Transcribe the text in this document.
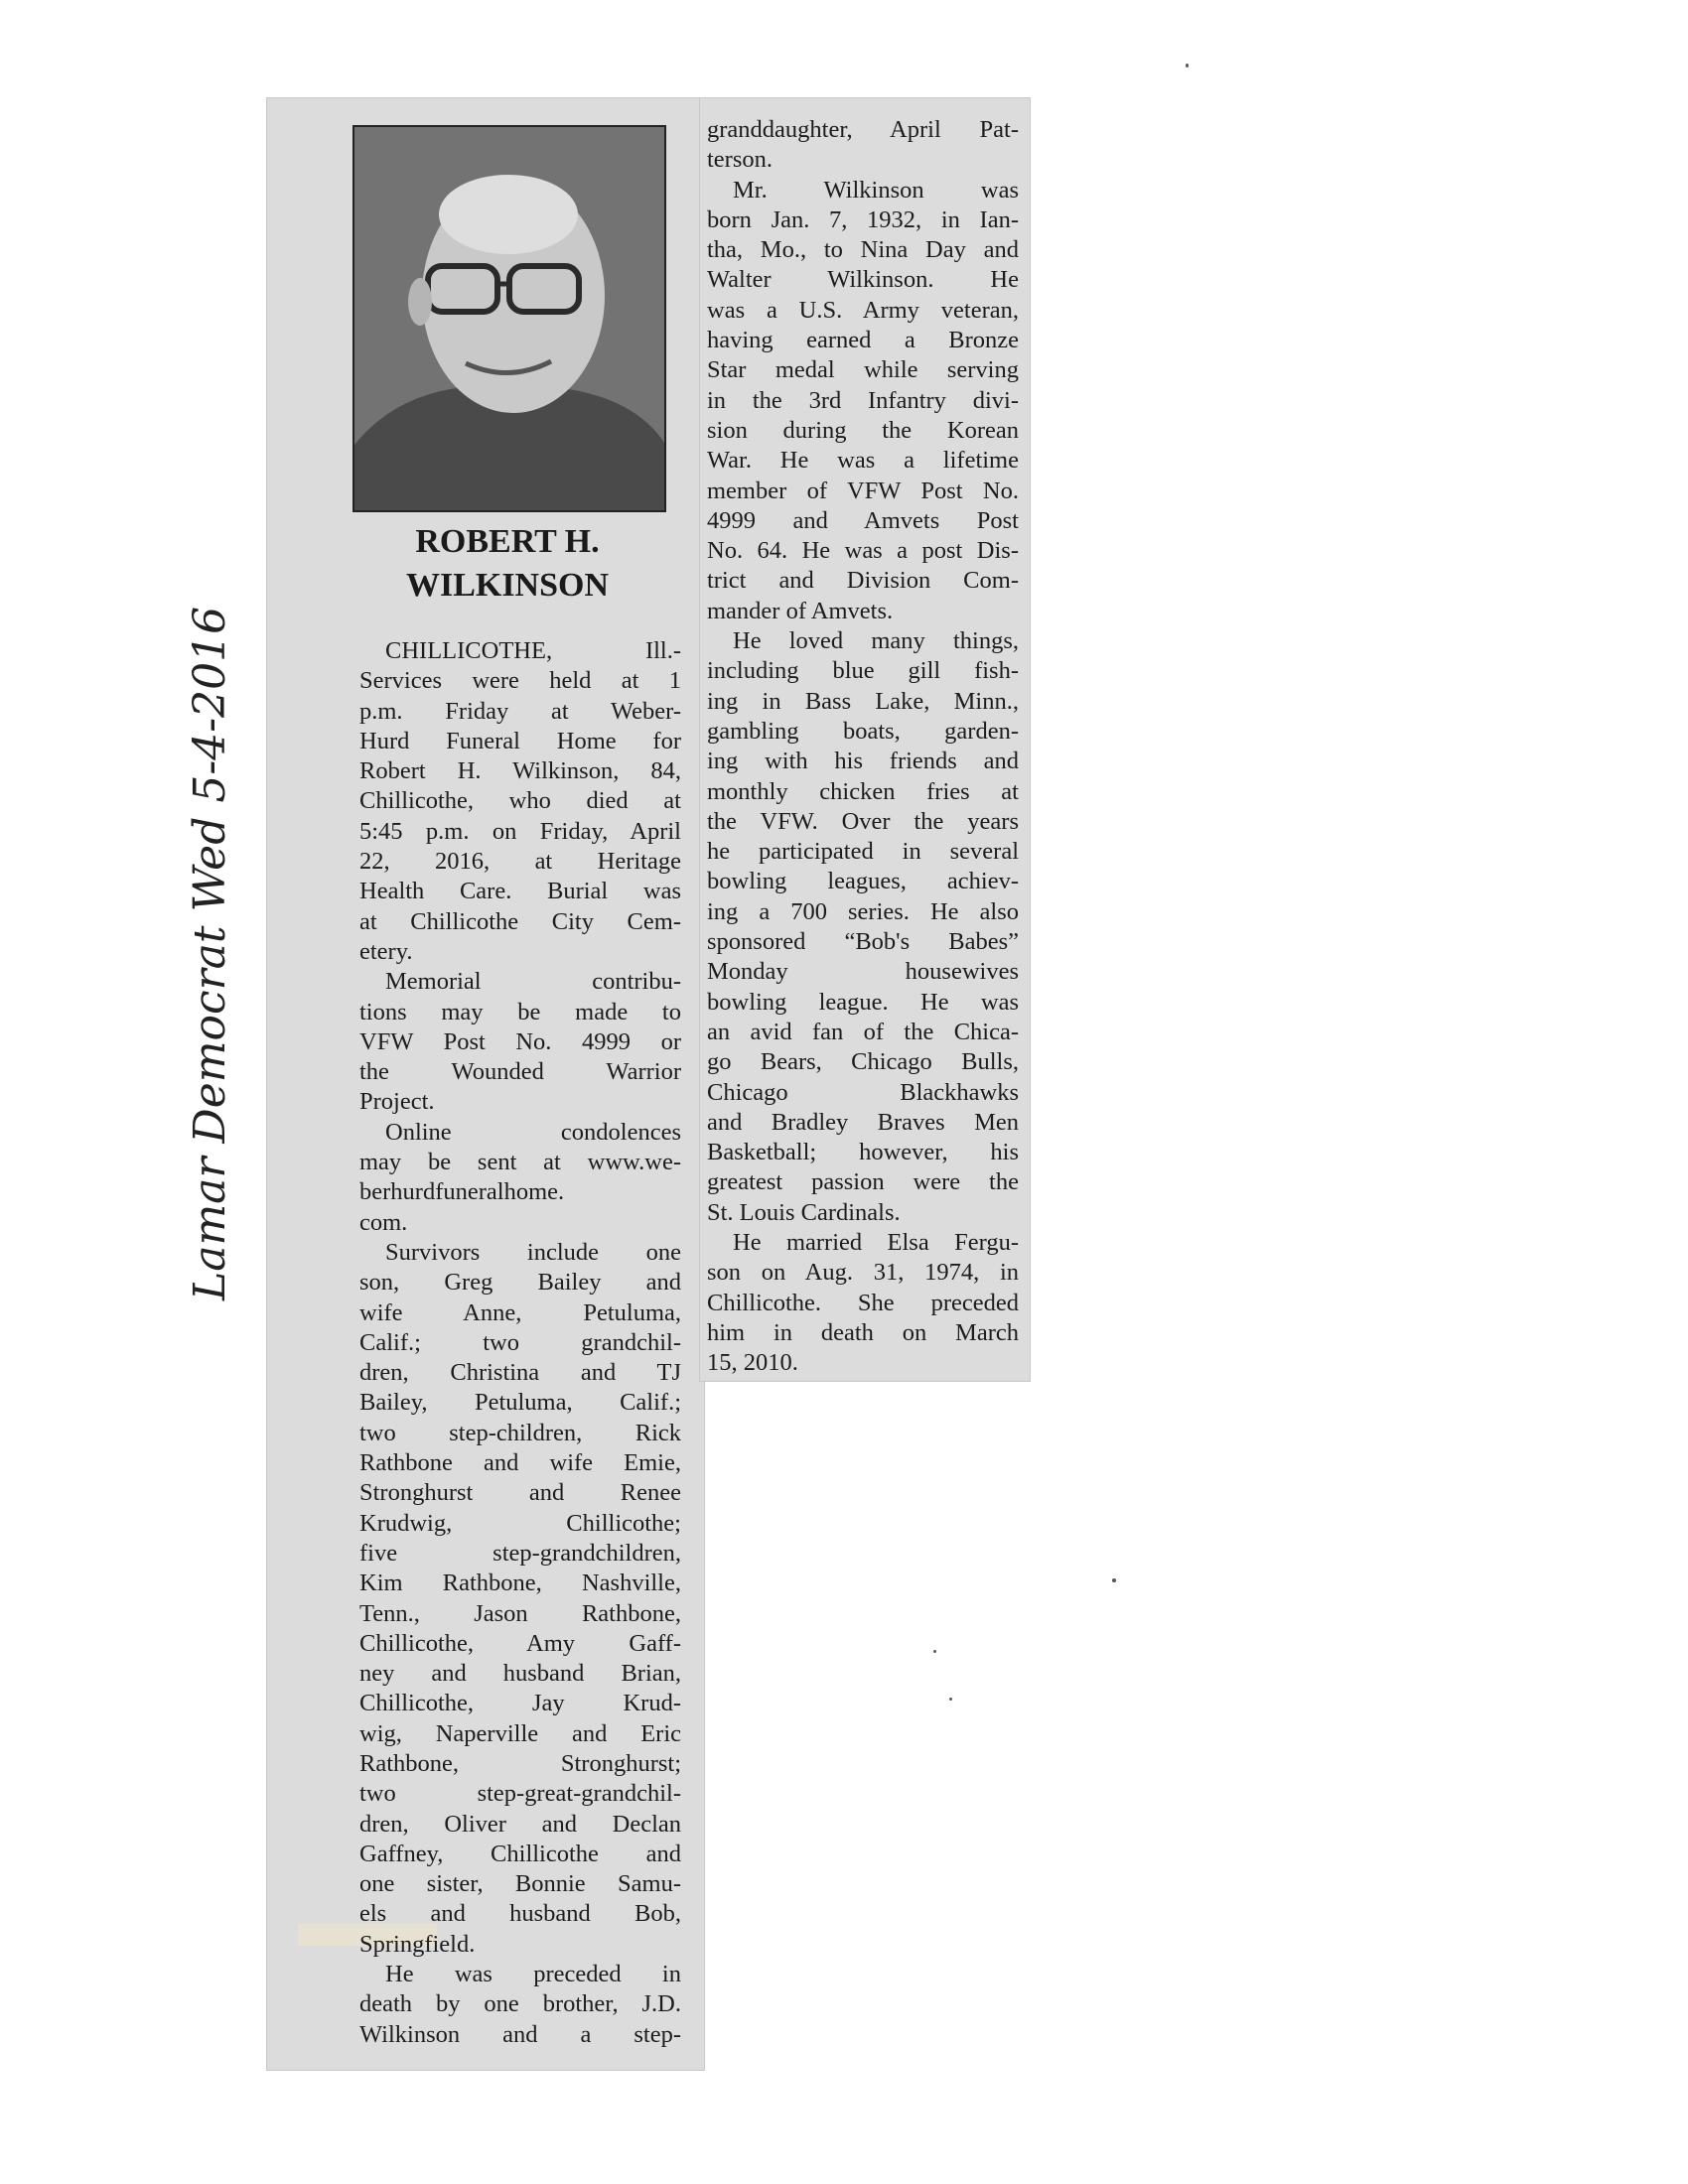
ROBERT H.
WILKINSON
CHILLICOTHE, Ill.-
Services were held at 1
p.m. Friday at Weber-
Hurd Funeral Home for
Robert H. Wilkinson, 84,
Chillicothe, who died at
5:45 p.m. on Friday, April
22, 2016, at Heritage
Health Care. Burial was
at Chillicothe City Cem-
etery.
Memorial contribu-
tions may be made to
VFW Post No. 4999 or
the Wounded Warrior
Project.
Online condolences
may be sent at www.we-
berhurdfuneralhome.
com.
Survivors include one
son, Greg Bailey and
wife Anne, Petuluma,
Calif.; two grandchil-
dren, Christina and TJ
Bailey, Petuluma, Calif.;
two step-children, Rick
Rathbone and wife Emie,
Stronghurst and Renee
Krudwig, Chillicothe;
five step-grandchildren,
Kim Rathbone, Nashville,
Tenn., Jason Rathbone,
Chillicothe, Amy Gaff-
ney and husband Brian,
Chillicothe, Jay Krud-
wig, Naperville and Eric
Rathbone, Stronghurst;
two step-great-grandchil-
dren, Oliver and Declan
Gaffney, Chillicothe and
one sister, Bonnie Samu-
els and husband Bob,
Springfield.
He was preceded in
death by one brother, J.D.
Wilkinson and a step-
granddaughter, April Pat-
terson.
Mr. Wilkinson was
born Jan. 7, 1932, in Ian-
tha, Mo., to Nina Day and
Walter Wilkinson. He
was a U.S. Army veteran,
having earned a Bronze
Star medal while serving
in the 3rd Infantry divi-
sion during the Korean
War. He was a lifetime
member of VFW Post No.
4999 and Amvets Post
No. 64. He was a post Dis-
trict and Division Com-
mander of Amvets.
He loved many things,
including blue gill fish-
ing in Bass Lake, Minn.,
gambling boats, garden-
ing with his friends and
monthly chicken fries at
the VFW. Over the years
he participated in several
bowling leagues, achiev-
ing a 700 series. He also
sponsored “Bob's Babes”
Monday housewives
bowling league. He was
an avid fan of the Chica-
go Bears, Chicago Bulls,
Chicago Blackhawks
and Bradley Braves Men
Basketball; however, his
greatest passion were the
St. Louis Cardinals.
He married Elsa Fergu-
son on Aug. 31, 1974, in
Chillicothe. She preceded
him in death on March
15, 2010.
Lamar Democrat Wed 5-4-2016
